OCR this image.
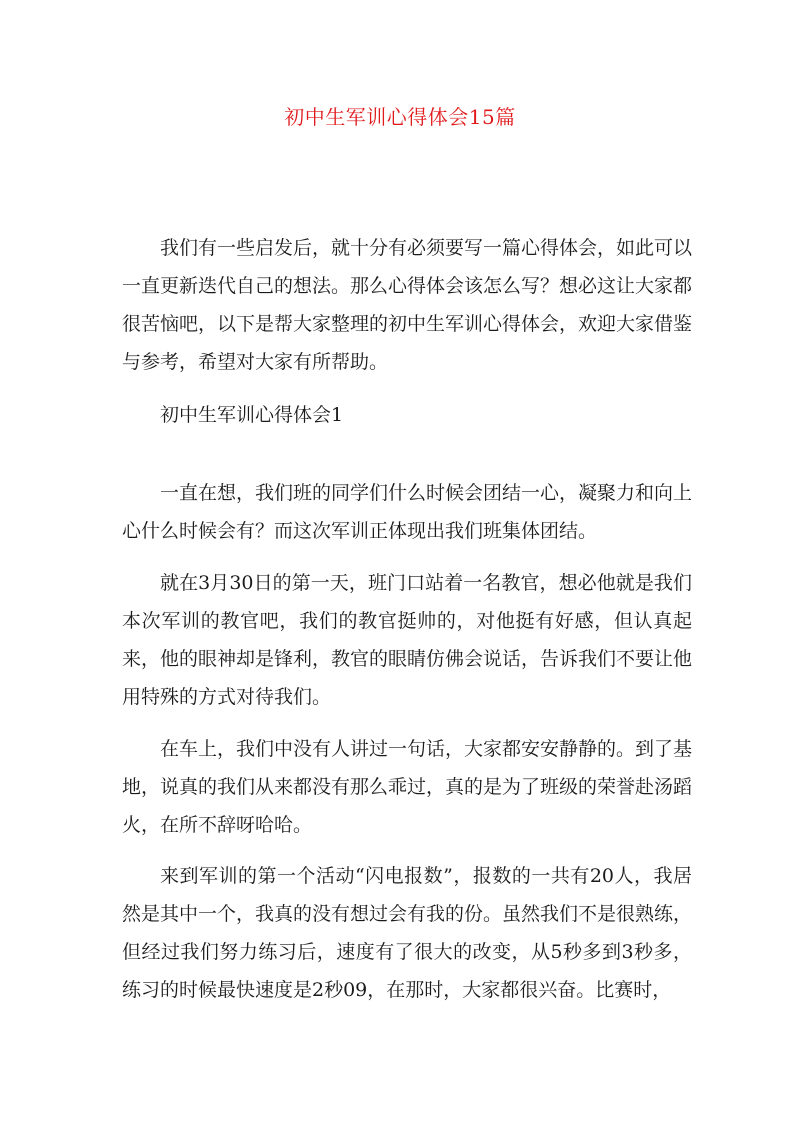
初中生军训心得体会15篇

我们有一些启发后，就十分有必须要写一篇心得体会，如此可以一直更新迭代自己的想法。那么心得体会该怎么写？想必这让大家都很苦恼吧，以下是帮大家整理的初中生军训心得体会，欢迎大家借鉴与参考，希望对大家有所帮助。

初中生军训心得体会1

一直在想，我们班的同学们什么时候会团结一心，凝聚力和向上心什么时候会有？而这次军训正体现出我们班集体团结。

就在3月30日的第一天，班门口站着一名教官，想必他就是我们本次军训的教官吧，我们的教官挺帅的，对他挺有好感，但认真起来，他的眼神却是锋利，教官的眼睛仿佛会说话，告诉我们不要让他用特殊的方式对待我们。

在车上，我们中没有人讲过一句话，大家都安安静静的。到了基地，说真的我们从来都没有那么乖过，真的是为了班级的荣誉赴汤蹈火，在所不辞呀哈哈。

来到军训的第一个活动“闪电报数”，报数的一共有20人，我居然是其中一个，我真的没有想过会有我的份。虽然我们不是很熟练，但经过我们努力练习后，速度有了很大的改变，从5秒多到3秒多，练习的时候最快速度是2秒09，在那时，大家都很兴奋。比赛时，
